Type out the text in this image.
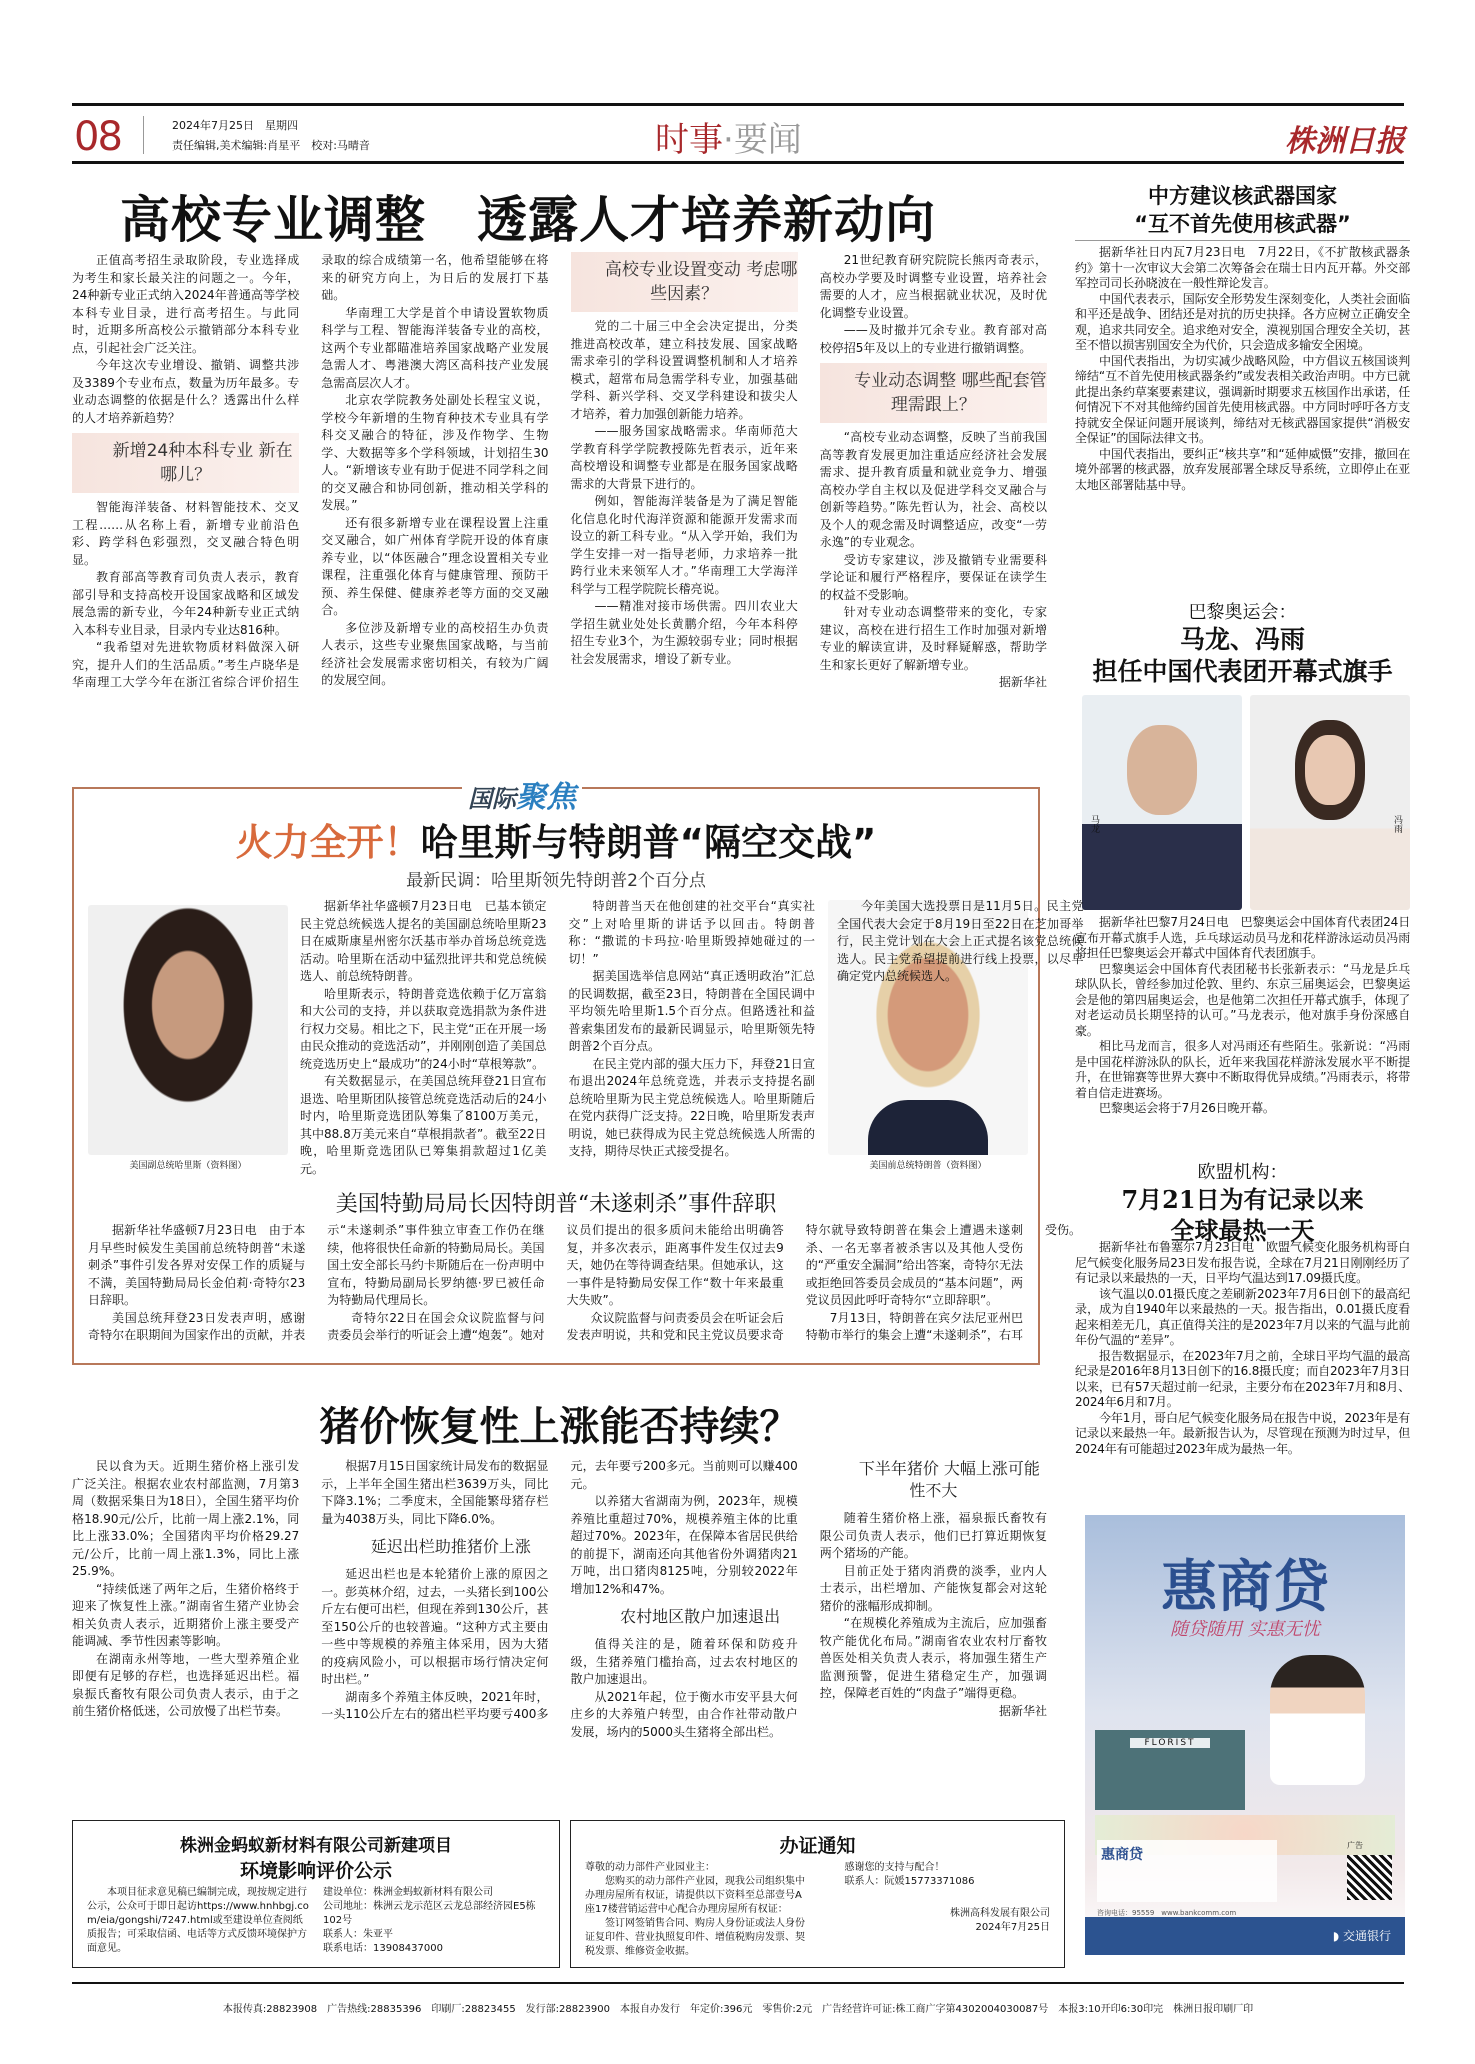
08	2024年7月25日　星期四
责任编辑,美术编辑:肖星平　校对:马晴音	时事·要闻	株洲日报
高校专业调整　透露人才培养新动向

正值高考招生录取阶段，专业选择成为考生和家长最关注的问题之一。今年，24种新专业正式纳入2024年普通高等学校本科专业目录，进行高考招生。与此同时，近期多所高校公示撤销部分本科专业点，引起社会广泛关注。

今年这次专业增设、撤销、调整共涉及3389个专业布点，数量为历年最多。专业动态调整的依据是什么？透露出什么样的人才培养新趋势？

新增24种本科专业 新在哪儿？

智能海洋装备、材料智能技术、交叉工程……从名称上看，新增专业前沿色彩、跨学科色彩强烈，交叉融合特色明显。

教育部高等教育司负责人表示，教育部引导和支持高校开设国家战略和区域发展急需的新专业，今年24种新专业正式纳入本科专业目录，目录内专业达816种。

“我希望对先进软物质材料做深入研究，提升人们的生活品质。”考生卢晓华是华南理工大学今年在浙江省综合评价招生录取的综合成绩第一名，他希望能够在将来的研究方向上，为日后的发展打下基础。

华南理工大学是首个申请设置软物质科学与工程、智能海洋装备专业的高校，这两个专业都瞄准培养国家战略产业发展急需人才、粤港澳大湾区高科技产业发展急需高层次人才。

北京农学院教务处副处长程宝义说，学校今年新增的生物育种技术专业具有学科交叉融合的特征，涉及作物学、生物学、大数据等多个学科领域，计划招生30人。“新增该专业有助于促进不同学科之间的交叉融合和协同创新，推动相关学科的发展。”

还有很多新增专业在课程设置上注重交叉融合，如广州体育学院开设的体育康养专业，以“体医融合”理念设置相关专业课程，注重强化体育与健康管理、预防干预、养生保健、健康养老等方面的交叉融合。

多位涉及新增专业的高校招生办负责人表示，这些专业聚焦国家战略，与当前经济社会发展需求密切相关，有较为广阔的发展空间。

高校专业设置变动 考虑哪些因素？

党的二十届三中全会决定提出，分类推进高校改革，建立科技发展、国家战略需求牵引的学科设置调整机制和人才培养模式，超常布局急需学科专业，加强基础学科、新兴学科、交叉学科建设和拔尖人才培养，着力加强创新能力培养。

——服务国家战略需求。华南师范大学教育科学学院教授陈先哲表示，近年来高校增设和调整专业都是在服务国家战略需求的大背景下进行的。

例如，智能海洋装备是为了满足智能化信息化时代海洋资源和能源开发需求而设立的新工科专业。“从入学开始，我们为学生安排一对一指导老师，力求培养一批跨行业未来领军人才。”华南理工大学海洋科学与工程学院院长稽亮说。

——精准对接市场供需。四川农业大学招生就业处处长黄鹏介绍，今年本科停招生专业3个，为生源较弱专业；同时根据社会发展需求，增设了新专业。

21世纪教育研究院院长熊丙奇表示，高校办学要及时调整专业设置，培养社会需要的人才，应当根据就业状况，及时优化调整专业设置。

——及时撤并冗余专业。教育部对高校停招5年及以上的专业进行撤销调整。

专业动态调整 哪些配套管理需跟上？

“高校专业动态调整，反映了当前我国高等教育发展更加注重适应经济社会发展需求、提升教育质量和就业竞争力、增强高校办学自主权以及促进学科交叉融合与创新等趋势。”陈先哲认为，社会、高校以及个人的观念需及时调整适应，改变“一劳永逸”的专业观念。

受访专家建议，涉及撤销专业需要科学论证和履行严格程序，要保证在读学生的权益不受影响。

针对专业动态调整带来的变化，专家建议，高校在进行招生工作时加强对新增专业的解读宣讲，及时释疑解惑，帮助学生和家长更好了解新增专业。

据新华社
中方建议核武器国家
“互不首先使用核武器”

据新华社日内瓦7月23日电　7月22日，《不扩散核武器条约》第十一次审议大会第二次筹备会在瑞士日内瓦开幕。外交部军控司司长孙晓波在一般性辩论发言。

中国代表表示，国际安全形势发生深刻变化，人类社会面临和平还是战争、团结还是对抗的历史抉择。各方应树立正确安全观，追求共同安全。追求绝对安全，漠视别国合理安全关切，甚至不惜以损害别国安全为代价，只会造成多输安全困境。

中国代表指出，为切实减少战略风险，中方倡议五核国谈判缔结“互不首先使用核武器条约”或发表相关政治声明。中方已就此提出条约草案要素建议，强调新时期要求五核国作出承诺，任何情况下不对其他缔约国首先使用核武器。中方同时呼吁各方支持就安全保证问题开展谈判，缔结对无核武器国家提供“消极安全保证”的国际法律文书。

中国代表指出，要纠正“核共享”和“延伸威慑”安排，撤回在境外部署的核武器，放弃发展部署全球反导系统，立即停止在亚太地区部署陆基中导。

巴黎奥运会：
马龙、冯雨
担任中国代表团开幕式旗手
马龙	冯雨

据新华社巴黎7月24日电　巴黎奥运会中国体育代表团24日宣布开幕式旗手人选，乒乓球运动员马龙和花样游泳运动员冯雨将担任巴黎奥运会开幕式中国体育代表团旗手。

巴黎奥运会中国体育代表团秘书长张新表示：“马龙是乒乓球队队长，曾经参加过伦敦、里约、东京三届奥运会，巴黎奥运会是他的第四届奥运会，也是他第二次担任开幕式旗手，体现了对老运动员长期坚持的认可。”马龙表示，他对旗手身份深感自豪。

相比马龙而言，很多人对冯雨还有些陌生。张新说：“冯雨是中国花样游泳队的队长，近年来我国花样游泳发展水平不断提升，在世锦赛等世界大赛中不断取得优异成绩。”冯雨表示，将带着自信走进赛场。

巴黎奥运会将于7月26日晚开幕。

欧盟机构：
7月21日为有记录以来
全球最热一天

据新华社布鲁塞尔7月23日电　欧盟气候变化服务机构哥白尼气候变化服务局23日发布报告说，全球在7月21日刚刚经历了有记录以来最热的一天，日平均气温达到17.09摄氏度。

该气温以0.01摄氏度之差刷新2023年7月6日创下的最高纪录，成为自1940年以来最热的一天。报告指出，0.01摄氏度看起来相差无几，真正值得关注的是2023年7月以来的气温与此前年份气温的“差异”。

报告数据显示，在2023年7月之前，全球日平均气温的最高纪录是2016年8月13日创下的16.8摄氏度；而自2023年7月3日以来，已有57天超过前一纪录，主要分布在2023年7月和8月、2024年6月和7月。

今年1月，哥白尼气候变化服务局在报告中说，2023年是有记录以来最热一年。最新报告认为，尽管现在预测为时过早，但2024年有可能超过2023年成为最热一年。

惠商贷
随贷随用 实惠无忧
FLORIST
惠商贷
咨询电话：95559　 www.bankcomm.com
广告
◗ 交通银行
国际聚焦
火力全开！哈里斯与特朗普“隔空交战”
最新民调：哈里斯领先特朗普2个百分点
美国副总统哈里斯（资料图）	美国前总统特朗普（资料图）

据新华社华盛顿7月23日电　已基本锁定民主党总统候选人提名的美国副总统哈里斯23日在威斯康星州密尔沃基市举办首场总统竞选活动。哈里斯在活动中猛烈批评共和党总统候选人、前总统特朗普。

哈里斯表示，特朗普竞选依赖于亿万富翁和大公司的支持，并以获取竞选捐款为条件进行权力交易。相比之下，民主党“正在开展一场由民众推动的竞选活动”，并刚刚创造了美国总统竞选历史上“最成功”的24小时“草根筹款”。

有关数据显示，在美国总统拜登21日宣布退选、哈里斯团队接管总统竞选活动后的24小时内，哈里斯竞选团队筹集了8100万美元，其中88.8万美元来自“草根捐款者”。截至22日晚，哈里斯竞选团队已筹集捐款超过1亿美元。

特朗普当天在他创建的社交平台“真实社交”上对哈里斯的讲话予以回击。特朗普称：“撒谎的卡玛拉·哈里斯毁掉她碰过的一切！”

据美国选举信息网站“真正透明政治”汇总的民调数据，截至23日，特朗普在全国民调中平均领先哈里斯1.5个百分点。但路透社和益普索集团发布的最新民调显示，哈里斯领先特朗普2个百分点。

在民主党内部的强大压力下，拜登21日宣布退出2024年总统竞选，并表示支持提名副总统哈里斯为民主党总统候选人。哈里斯随后在党内获得广泛支持。22日晚，哈里斯发表声明说，她已获得成为民主党总统候选人所需的支持，期待尽快正式接受提名。

今年美国大选投票日是11月5日。民主党全国代表大会定于8月19日至22日在芝加哥举行，民主党计划在大会上正式提名该党总统候选人。民主党希望提前进行线上投票，以尽早确定党内总统候选人。

美国特勤局局长因特朗普“未遂刺杀”事件辞职

据新华社华盛顿7月23日电　由于本月早些时候发生美国前总统特朗普“未遂刺杀”事件引发各界对安保工作的质疑与不满，美国特勤局局长金伯莉·奇特尔23日辞职。

美国总统拜登23日发表声明，感谢奇特尔在职期间为国家作出的贡献，并表示“未遂刺杀”事件独立审查工作仍在继续，他将很快任命新的特勤局局长。美国国土安全部长马约卡斯随后在一份声明中宣布，特勤局副局长罗纳德·罗已被任命为特勤局代理局长。

奇特尔22日在国会众议院监督与问责委员会举行的听证会上遭“炮轰”。她对议员们提出的很多质问未能给出明确答复，并多次表示，距离事件发生仅过去9天，她仍在等待调查结果。但她承认，这一事件是特勤局安保工作“数十年来最重大失败”。

众议院监督与问责委员会在听证会后发表声明说，共和党和民主党议员要求奇特尔就导致特朗普在集会上遭遇未遂刺杀、一名无辜者被杀害以及其他人受伤的“严重安全漏洞”给出答案，奇特尔无法或拒绝回答委员会成员的“基本问题”，两党议员因此呼吁奇特尔“立即辞职”。

7月13日，特朗普在宾夕法尼亚州巴特勒市举行的集会上遭“未遂刺杀”，右耳受伤。

猪价恢复性上涨能否持续？

民以食为天。近期生猪价格上涨引发广泛关注。根据农业农村部监测，7月第3周（数据采集日为18日），全国生猪平均价格18.90元/公斤，比前一周上涨2.1%，同比上涨33.0%；全国猪肉平均价格29.27元/公斤，比前一周上涨1.3%，同比上涨25.9%。

“持续低迷了两年之后，生猪价格终于迎来了恢复性上涨。”湖南省生猪产业协会相关负责人表示，近期猪价上涨主要受产能调减、季节性因素等影响。

在湖南永州等地，一些大型养殖企业即便有足够的存栏，也选择延迟出栏。福泉振氏畜牧有限公司负责人表示，由于之前生猪价格低迷，公司放慢了出栏节奏。

根据7月15日国家统计局发布的数据显示，上半年全国生猪出栏3639万头，同比下降3.1%；二季度末，全国能繁母猪存栏量为4038万头，同比下降6.0%。

延迟出栏助推猪价上涨

延迟出栏也是本轮猪价上涨的原因之一。彭英林介绍，过去，一头猪长到100公斤左右便可出栏，但现在养到130公斤，甚至150公斤的也较普遍。“这种方式主要由一些中等规模的养殖主体采用，因为大猪的疫病风险小，可以根据市场行情决定何时出栏。”

湖南多个养殖主体反映，2021年时，一头110公斤左右的猪出栏平均要亏400多元，去年要亏200多元。当前则可以赚400元。

以养猪大省湖南为例，2023年，规模养殖比重超过70%，规模养殖主体的比重超过70%。2023年，在保障本省居民供给的前提下，湖南还向其他省份外调猪肉21万吨，出口猪肉8125吨，分别较2022年增加12%和47%。

农村地区散户加速退出

值得关注的是，随着环保和防疫升级，生猪养殖门槛抬高，过去农村地区的散户加速退出。

从2021年起，位于衡水市安平县大何庄乡的大养殖户转型，由合作社带动散户发展，场内的5000头生猪将全部出栏。

下半年猪价 大幅上涨可能性不大

随着生猪价格上涨，福泉振氏畜牧有限公司负责人表示，他们已打算近期恢复两个猪场的产能。

目前正处于猪肉消费的淡季，业内人士表示，出栏增加、产能恢复都会对这轮猪价的涨幅形成抑制。

“在规模化养殖成为主流后，应加强畜牧产能优化布局。”湖南省农业农村厅畜牧兽医处相关负责人表示，将加强生猪生产监测预警，促进生猪稳定生产，加强调控，保障老百姓的“肉盘子”端得更稳。

据新华社
株洲金蚂蚁新材料有限公司新建项目
环境影响评价公示
本项目征求意见稿已编制完成，现按规定进行公示，公众可于即日起访https://www.hnhbgj.com/eia/gongshi/7247.html或至建设单位查阅纸质报告；可采取信函、电话等方式反馈环境保护方面意见。
建设单位：株洲金蚂蚁新材料有限公司
公司地址：株洲云龙示范区云龙总部经济园E5栋102号
联系人：朱亚平
联系电话：13908437000
办证通知
尊敬的动力部件产业园业主：
您购买的动力部件产业园，现我公司组织集中办理房屋所有权证，请提供以下资料至总部壹号A座17楼营销运营中心配合办理房屋所有权证：
签订网签销售合同、购房人身份证或法人身份证复印件、营业执照复印件、增值税购房发票、契税发票、维修资金收据。
感谢您的支持与配合！
联系人：阮媛15773371086
株洲高科发展有限公司
2024年7月25日
本报传真:28823908　广告热线:28835396　印刷厂:28823455　发行部:28823900　本报自办发行　年定价:396元　零售价:2元　广告经营许可证:株工商广字第4302004030087号　本报3:10开印6:30印完　株洲日报印刷厂印
